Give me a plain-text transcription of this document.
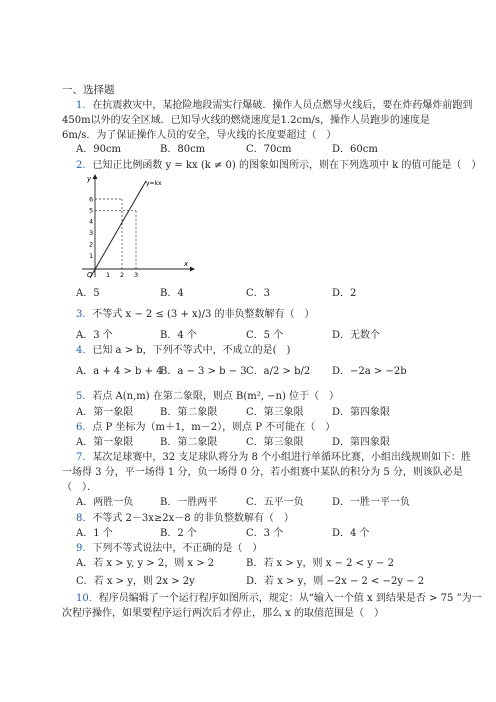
一、选择题
1．在抗震救灾中，某抢险地段需实行爆破．操作人员点燃导火线后，要在炸药爆炸前跑到
450m以外的安全区域．已知导火线的燃烧速度是1.2cm/s，操作人员跑步的速度是
6m/s．为了保证操作人员的安全，导火线的长度要超过（　）
A．90cm	B．80cm	C．70cm	D．60cm
2．已知正比例函数 y = kx (k ≠ 0) 的图象如图所示，则在下列选项中 k 的值可能是（　）
y=kx
y
x
O
1
2
3
4
5
6
1 2 3
A．5	B．4	C．3	D．2
3．不等式 x − 2 ≤ (3 + x)/3 的非负整数解有（　）
A．3 个	B．4 个	C．5 个	D．无数个
4．已知 a > b，下列不等式中，不成立的是(　)
A．a + 4 > b + 4
B．a − 3 > b − 3 C．a/2 > b/2 D．−2a > −2b
5．若点 A(n,m) 在第二象限，则点 B(m², −n) 位于（　）
A．第一象限	B．第二象限	C．第三象限	D．第四象限
6．点 P 坐标为（m＋1，m－2），则点 P 不可能在（　）
A．第一象限	B．第二象限	C．第三象限	D．第四象限
7．某次足球赛中，32 支足球队将分为 8 个小组进行单循环比赛，小组出线规则如下：胜
一场得 3 分，平一场得 1 分，负一场得 0 分，若小组赛中某队的积分为 5 分，则该队必是
（　）．
A．两胜一负	B．一胜两平	C．五平一负	D．一胜一平一负
8．不等式 2－3x≥2x－8 的非负整数解有（　）
A．1 个	B．2 个	C．3 个	D．4 个
9．下列不等式说法中，不正确的是（　）
A．若 x > y, y > 2，则 x > 2	B．若 x > y，则 x − 2 < y − 2
C．若 x > y，则 2x > 2y	D．若 x > y，则 −2x − 2 < −2y − 2
10．程序员编辑了一个运行程序如图所示，规定：从“输入一个值 x 到结果是否 > 75 ”为一
次程序操作，如果要程序运行两次后才停止，那么 x 的取值范围是（　）
